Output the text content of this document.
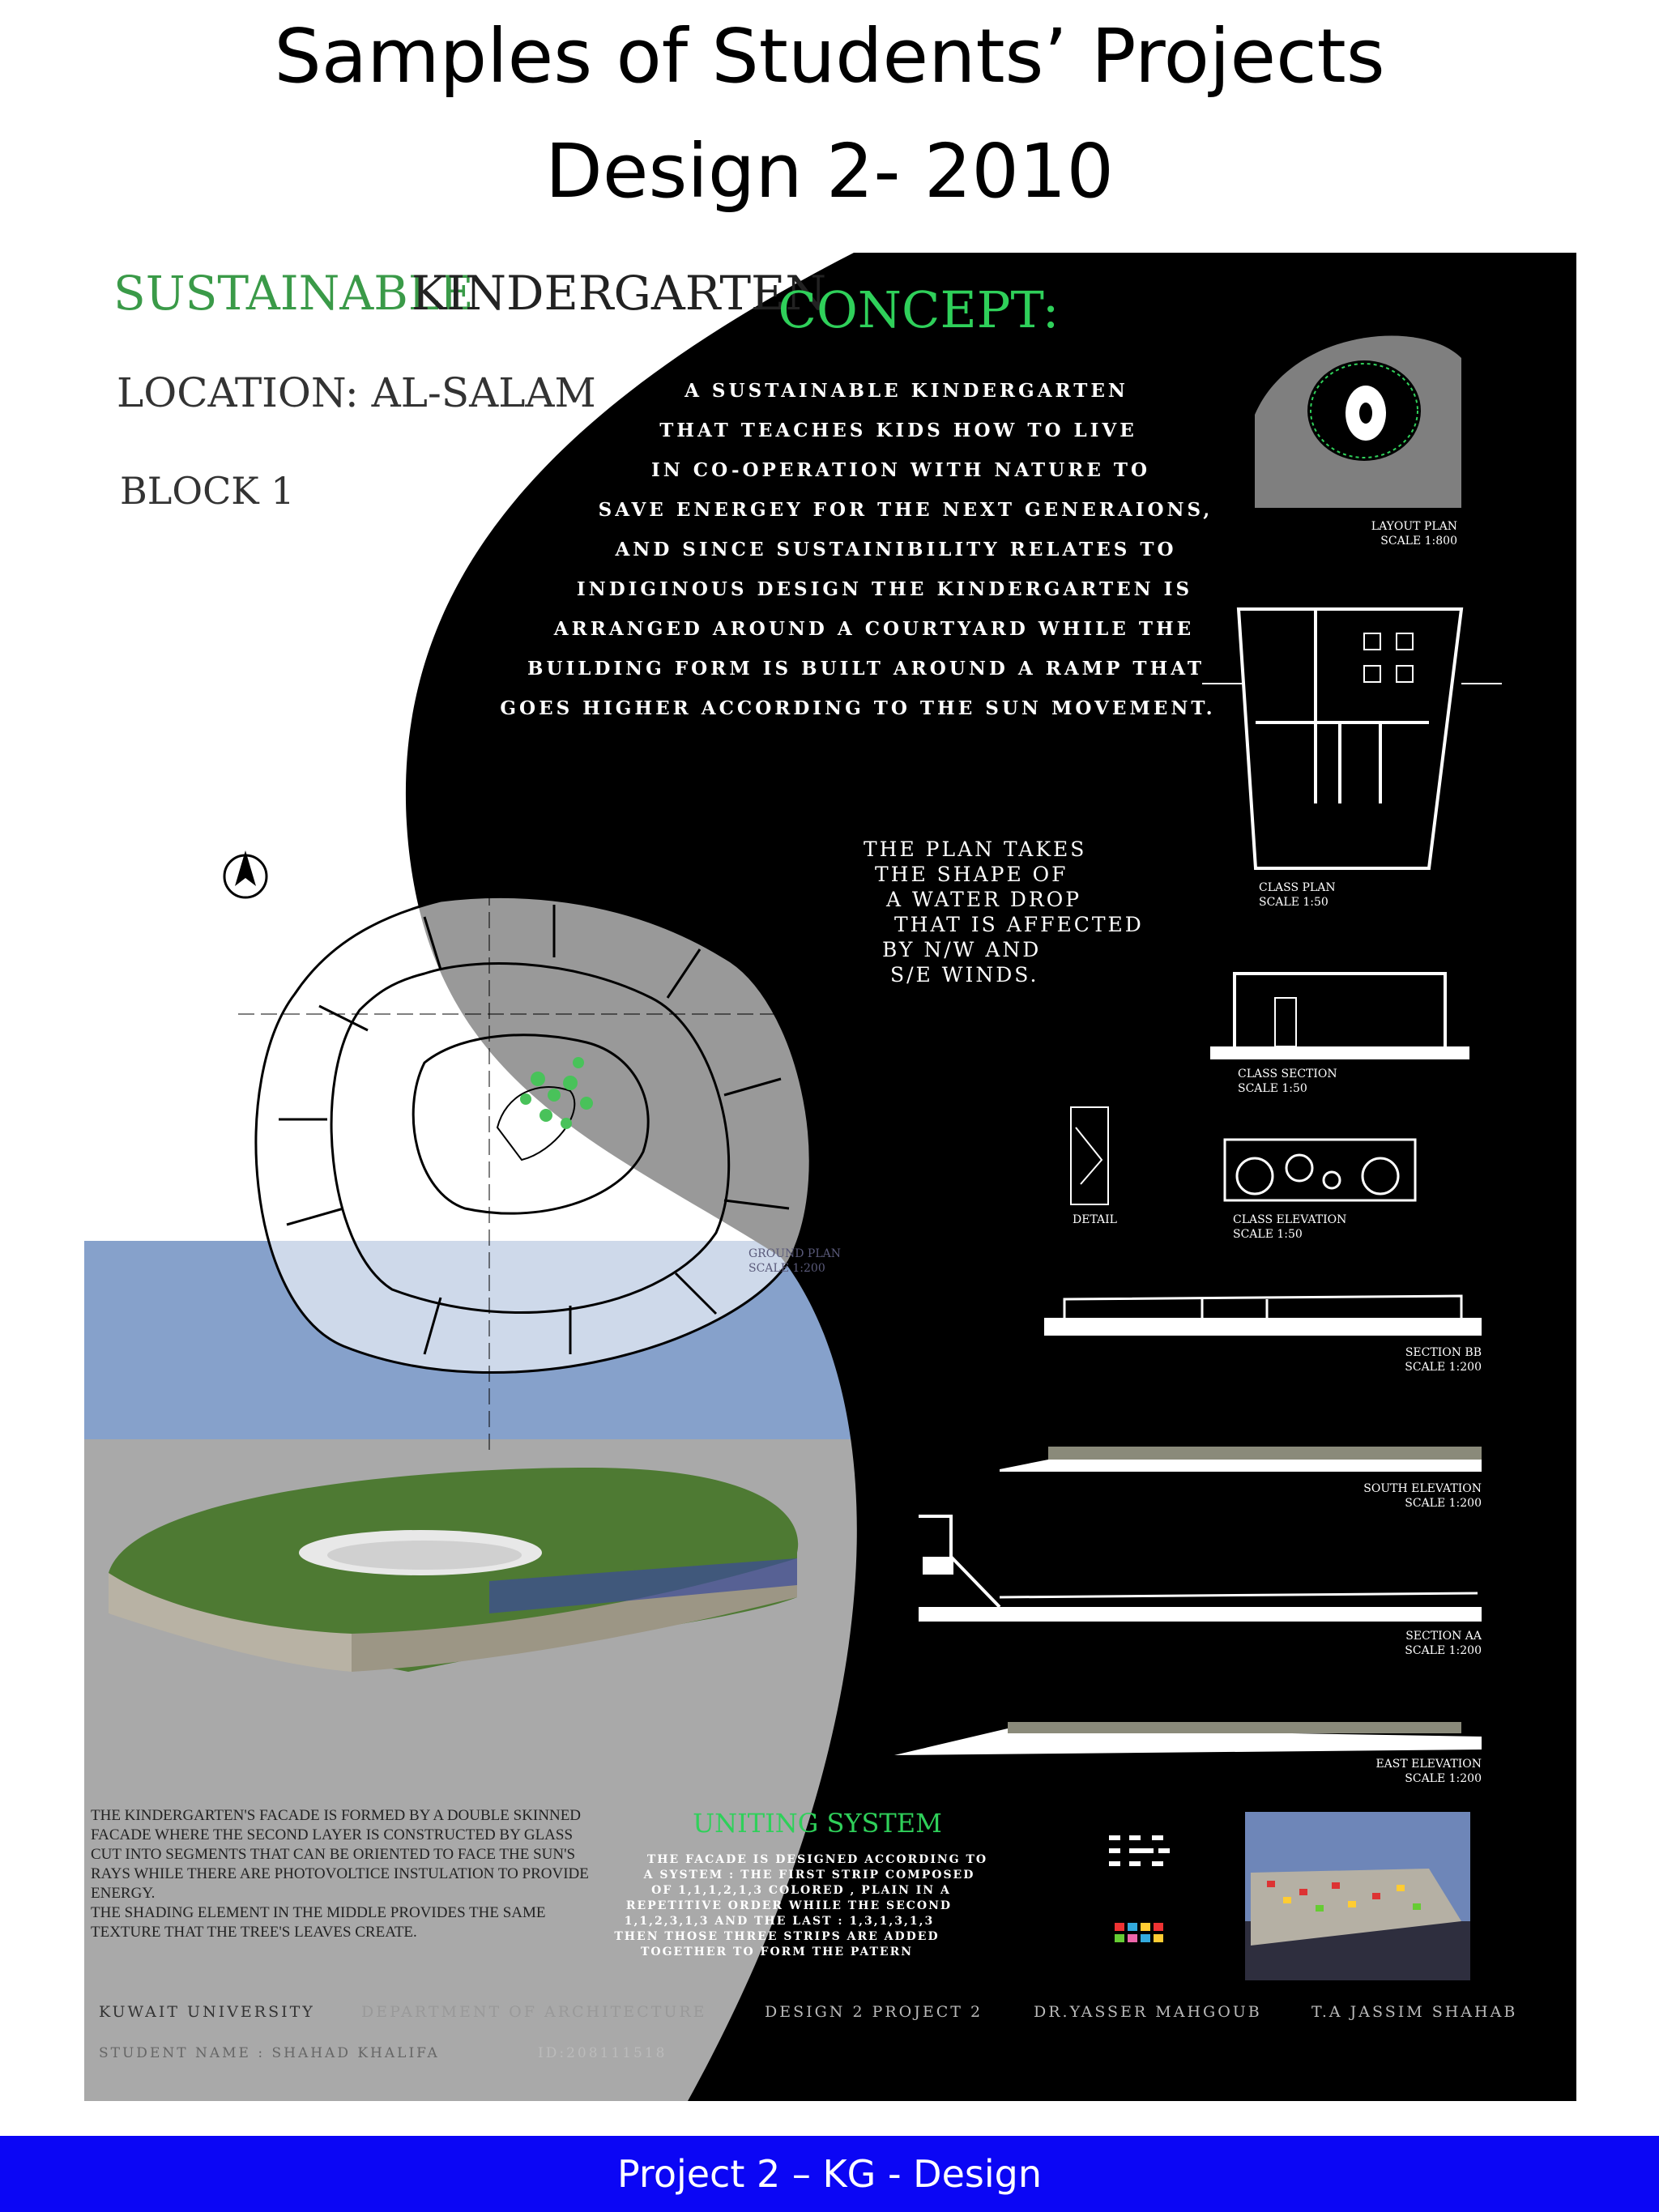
Samples of Students’ Projects
Design 2- 2010
SUSTAINABLE
KINDERGARTEN
LOCATION: AL-SALAM
BLOCK 1
CONCEPT:
A SUSTAINABLE KINDERGARTEN
THAT TEACHES KIDS HOW TO LIVE
IN CO-OPERATION WITH NATURE TO
SAVE ENERGEY FOR THE NEXT GENERAIONS,
AND SINCE SUSTAINIBILITY RELATES TO
INDIGINOUS DESIGN THE KINDERGARTEN IS
ARRANGED AROUND A COURTYARD WHILE THE
BUILDING FORM IS BUILT AROUND A RAMP THAT
GOES HIGHER ACCORDING TO THE SUN MOVEMENT.
THE PLAN TAKES
THE SHAPE OF
A WATER DROP
THAT IS AFFECTED
BY N/W AND
S/E WINDS.
LAYOUT PLAN
SCALE 1:800
CLASS PLAN
SCALE 1:50
CLASS SECTION
SCALE 1:50
DETAIL	CLASS ELEVATION
SCALE 1:50
GROUND PLAN
SCALE 1:200
SECTION BB
SCALE 1:200
SOUTH ELEVATION
SCALE 1:200
SECTION AA
SCALE 1:200
EAST ELEVATION
SCALE 1:200
THE KINDERGARTEN'S FACADE IS FORMED BY A DOUBLE SKINNED
FACADE WHERE THE SECOND LAYER IS CONSTRUCTED BY GLASS
CUT INTO SEGMENTS THAT CAN BE ORIENTED TO FACE THE SUN'S
RAYS WHILE THERE ARE PHOTOVOLTICE INSTULATION TO PROVIDE
ENERGY.
THE SHADING ELEMENT IN THE MIDDLE PROVIDES THE SAME
TEXTURE THAT THE TREE'S LEAVES CREATE.
UNITING SYSTEM
THE FACADE IS DESIGNED ACCORDING TO
A SYSTEM : THE FIRST STRIP COMPOSED
OF 1,1,1,2,1,3 COLORED , PLAIN IN A
REPETITIVE ORDER WHILE THE SECOND
1,1,2,3,1,3 AND THE LAST : 1,3,1,3,1,3
THEN THOSE THREE STRIPS ARE ADDED
TOGETHER TO FORM THE PATERN
KUWAIT UNIVERSITY	DEPARTMENT OF ARCHITECTURE	DESIGN 2 PROJECT 2	DR.YASSER MAHGOUB	T.A JASSIM SHAHAB
STUDENT NAME : SHAHAD KHALIFA	ID:208111518
Project 2 – KG - Design
